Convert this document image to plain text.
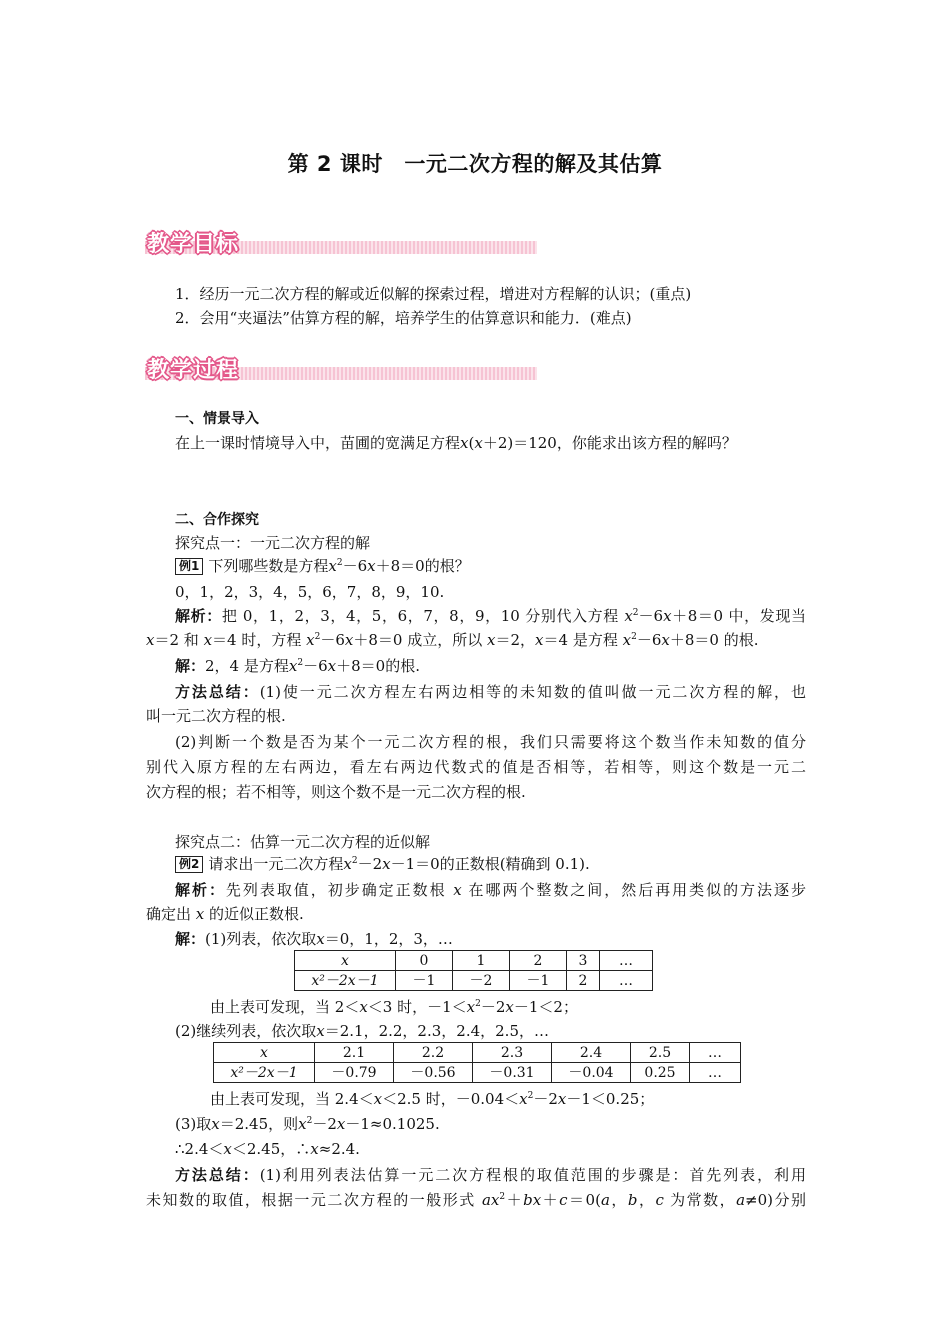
第 2 课时　一元二次方程的解及其估算
教学目标
1．经历一元二次方程的解或近似解的探索过程，增进对方程解的认识；(重点)
2．会用“夹逼法”估算方程的解，培养学生的估算意识和能力．(难点)
教学过程
一、情景导入
在上一课时情境导入中，苗圃的宽满足方程x(x＋2)＝120，你能求出该方程的解吗？
二、合作探究
探究点一：一元二次方程的解
例1 下列哪些数是方程$x^2-6x+8=0$的根？
0，1，2，3，4，5，6，7，8，9，10.
解析：把 0，1，2，3，4，5，6，7，8，9，10 分别代入方程 $x^2-6x+8=0$ 中，发现当
x＝2 和 x＝4 时，方程 $x^2-6x+8=0$ 成立，所以 x＝2，x＝4 是方程 $x^2-6x+8=0$ 的根.
解：2，4 是方程$x^2-6x+8=0$的根.
方法总结：(1)使一元二次方程左右两边相等的未知数的值叫做一元二次方程的解，也
叫一元二次方程的根.
(2)判断一个数是否为某个一元二次方程的根，我们只需要将这个数当作未知数的值分
别代入原方程的左右两边，看左右两边代数式的值是否相等，若相等，则这个数是一元二
次方程的根；若不相等，则这个数不是一元二次方程的根.
探究点二：估算一元二次方程的近似解
例2 请求出一元二次方程$x^2-2x-1=0$的正数根(精确到 0.1).
解析：先列表取值，初步确定正数根 x 在哪两个整数之间，然后再用类似的方法逐步
确定出 x 的近似正数根.
解：(1)列表，依次取x＝0，1，2，3，…
x	0	1	2	3	…
x²－2x－1	－1	－2	－1	2	…
由上表可发现，当 2＜x＜3 时，$-1<x^2-2x-1<2$；
(2)继续列表，依次取x＝2.1，2.2，2.3，2.4，2.5，…
x	2.1	2.2	2.3	2.4	2.5	…
x²－2x－1	－0.79	－0.56	－0.31	－0.04	0.25	…
由上表可发现，当 2.4＜x＜2.5 时，$-0.04<x^2-2x-1<0.25$；
(3)取x＝2.45，则$x^2-2x-1\approx 0.1025$.
∴2.4＜x＜2.45，∴x≈2.4.
方法总结：(1)利用列表法估算一元二次方程根的取值范围的步骤是：首先列表，利用
未知数的取值，根据一元二次方程的一般形式 $ax^2+bx+c=0(a$，b，c 为常数，a≠0)分别
